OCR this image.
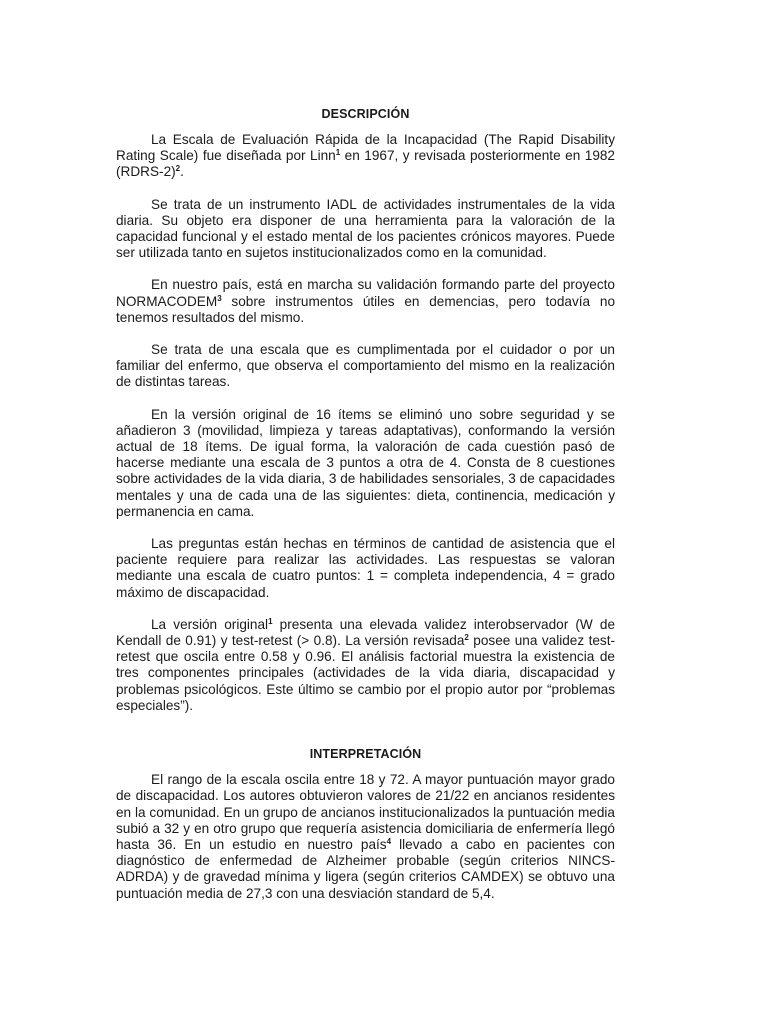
DESCRIPCIÓN

La Escala de Evaluación Rápida de la Incapacidad (The Rapid Disability Rating Scale) fue diseñada por Linn$^1$ en 1967, y revisada posteriormente en 1982 (RDRS-2)$^2$.

Se trata de un instrumento IADL de actividades instrumentales de la vida diaria. Su objeto era disponer de una herramienta para la valoración de la capacidad funcional y el estado mental de los pacientes crónicos mayores. Puede ser utilizada tanto en sujetos institucionalizados como en la comunidad.

En nuestro país, está en marcha su validación formando parte del proyecto NORMACODEM$^3$ sobre instrumentos útiles en demencias, pero todavía no tenemos resultados del mismo.

Se trata de una escala que es cumplimentada por el cuidador o por un familiar del enfermo, que observa el comportamiento del mismo en la realización de distintas tareas.

En la versión original de 16 ítems se eliminó uno sobre seguridad y se añadieron 3 (movilidad, limpieza y tareas adaptativas), conformando la versión actual de 18 ítems. De igual forma, la valoración de cada cuestión pasó de hacerse mediante una escala de 3 puntos a otra de 4. Consta de 8 cuestiones sobre actividades de la vida diaria, 3 de habilidades sensoriales, 3 de capacidades mentales y una de cada una de las siguientes: dieta, continencia, medicación y permanencia en cama.

Las preguntas están hechas en términos de cantidad de asistencia que el paciente requiere para realizar las actividades. Las respuestas se valoran mediante una escala de cuatro puntos: 1 = completa independencia, 4 = grado máximo de discapacidad.

La versión original$^1$ presenta una elevada validez interobservador (W de Kendall de 0.91) y test-retest (> 0.8). La versión revisada$^2$ posee una validez test-retest que oscila entre 0.58 y 0.96. El análisis factorial muestra la existencia de tres componentes principales (actividades de la vida diaria, discapacidad y problemas psicológicos. Este último se cambio por el propio autor por “problemas especiales”).

INTERPRETACIÓN

El rango de la escala oscila entre 18 y 72. A mayor puntuación mayor grado de discapacidad. Los autores obtuvieron valores de 21/22 en ancianos residentes en la comunidad. En un grupo de ancianos institucionalizados la puntuación media subió a 32 y en otro grupo que requería asistencia domiciliaria de enfermería llegó hasta 36. En un estudio en nuestro país$^4$ llevado a cabo en pacientes con diagnóstico de enfermedad de Alzheimer probable (según criterios NINCS-ADRDA) y de gravedad mínima y ligera (según criterios CAMDEX) se obtuvo una puntuación media de 27,3 con una desviación standard de 5,4.
